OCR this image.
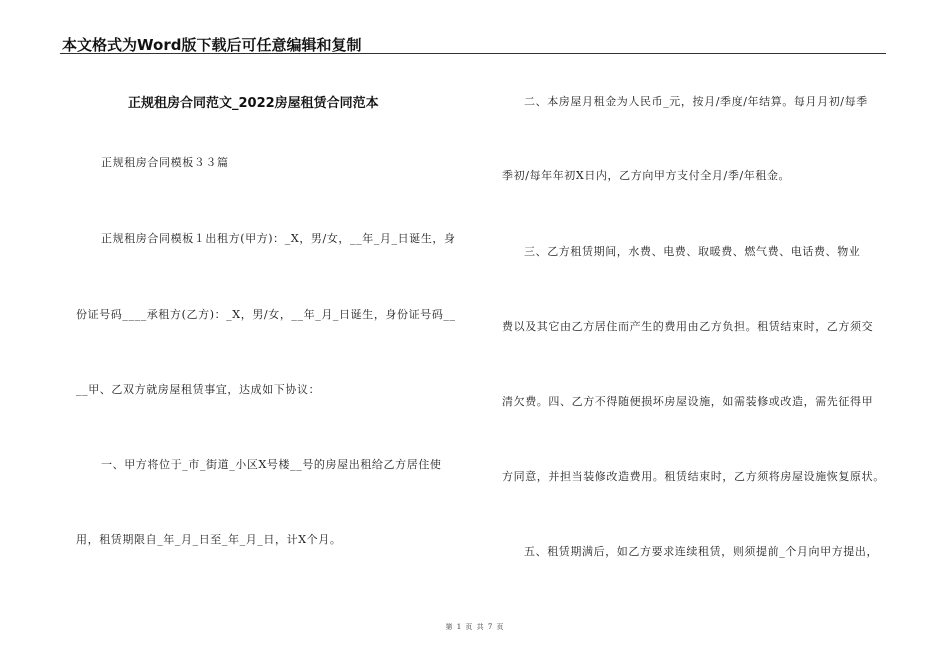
本文格式为Word版下载后可任意编辑和复制
正规租房合同范文_2022房屋租赁合同范本
正规租房合同模板３３篇
正规租房合同模板１出租方(甲方)：_X，男/女，__年_月_日诞生，身
份证号码____承租方(乙方)：_X，男/女，__年_月_日诞生，身份证号码__
__甲、乙双方就房屋租赁事宜，达成如下协议：
一、甲方将位于_市_街道_小区X号楼__号的房屋出租给乙方居住使
用，租赁期限自_年_月_日至_年_月_日，计X个月。
二、本房屋月租金为人民币_元，按月/季度/年结算。每月月初/每季
季初/每年年初X日内，乙方向甲方支付全月/季/年租金。
三、乙方租赁期间，水费、电费、取暖费、燃气费、电话费、物业
费以及其它由乙方居住而产生的费用由乙方负担。租赁结束时，乙方须交
清欠费。四、乙方不得随便损坏房屋设施，如需装修或改造，需先征得甲
方同意，并担当装修改造费用。租赁结束时，乙方须将房屋设施恢复原状。
五、租赁期满后，如乙方要求连续租赁，则须提前_个月向甲方提出，
第 1 页 共 7 页
